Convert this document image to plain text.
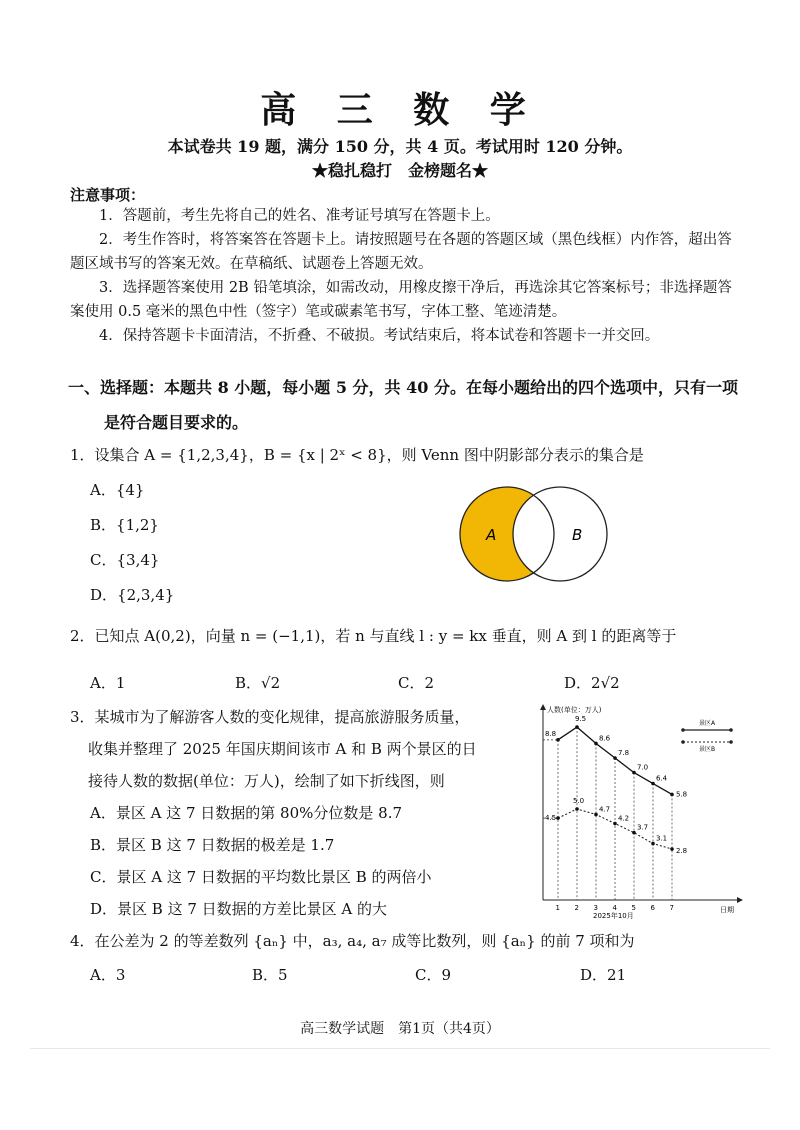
高 三 数 学
本试卷共 19 题，满分 150 分，共 4 页。考试用时 120 分钟。
★稳扎稳打　金榜题名★
注意事项：
1．答题前，考生先将自己的姓名、准考证号填写在答题卡上。
2．考生作答时，将答案答在答题卡上。请按照题号在各题的答题区域（黑色线框）内作答，超出答题区域书写的答案无效。在草稿纸、试题卷上答题无效。
3．选择题答案使用 2B 铅笔填涂，如需改动，用橡皮擦干净后，再选涂其它答案标号；非选择题答案使用 0.5 毫米的黑色中性（签字）笔或碳素笔书写，字体工整、笔迹清楚。
4．保持答题卡卡面清洁，不折叠、不破损。考试结束后，将本试卷和答题卡一并交回。
一、选择题：本题共 8 小题，每小题 5 分，共 40 分。在每小题给出的四个选项中，只有一项
是符合题目要求的。
1．设集合 A = {1,2,3,4}，B = {x | 2ˣ < 8}，则 Venn 图中阴影部分表示的集合是
A．{4}
B．{1,2}
C．{3,4}
D．{2,3,4}
A	B
2．已知点 A(0,2)，向量 n = (−1,1)，若 n 与直线 l : y = kx 垂直，则 A 到 l 的距离等于
A．1	B．√2	C．2	D．2√2
3．某城市为了解游客人数的变化规律，提高旅游服务质量，
收集并整理了 2025 年国庆期间该市 A 和 B 两个景区的日
接待人数的数据(单位：万人)，绘制了如下折线图，则
A．景区 A 这 7 日数据的第 80%分位数是 8.7
B．景区 B 这 7 日数据的极差是 1.7
C．景区 A 这 7 日数据的平均数比景区 B 的两倍小
D．景区 B 这 7 日数据的方差比景区 A 的大
人数(单位：万人)
日期
2025年10月
景区A
景区B
1 2 3 4 5 6 7
8.8
9.5
8.6
7.8
7.0
6.4
5.8
4.5
5.0
4.7
4.2
3.7
3.1
2.8
4．在公差为 2 的等差数列 {aₙ} 中，a₃, a₄, a₇ 成等比数列，则 {aₙ} 的前 7 项和为
A．3	B．5	C．9	D．21
高三数学试题　第1页（共4页）
